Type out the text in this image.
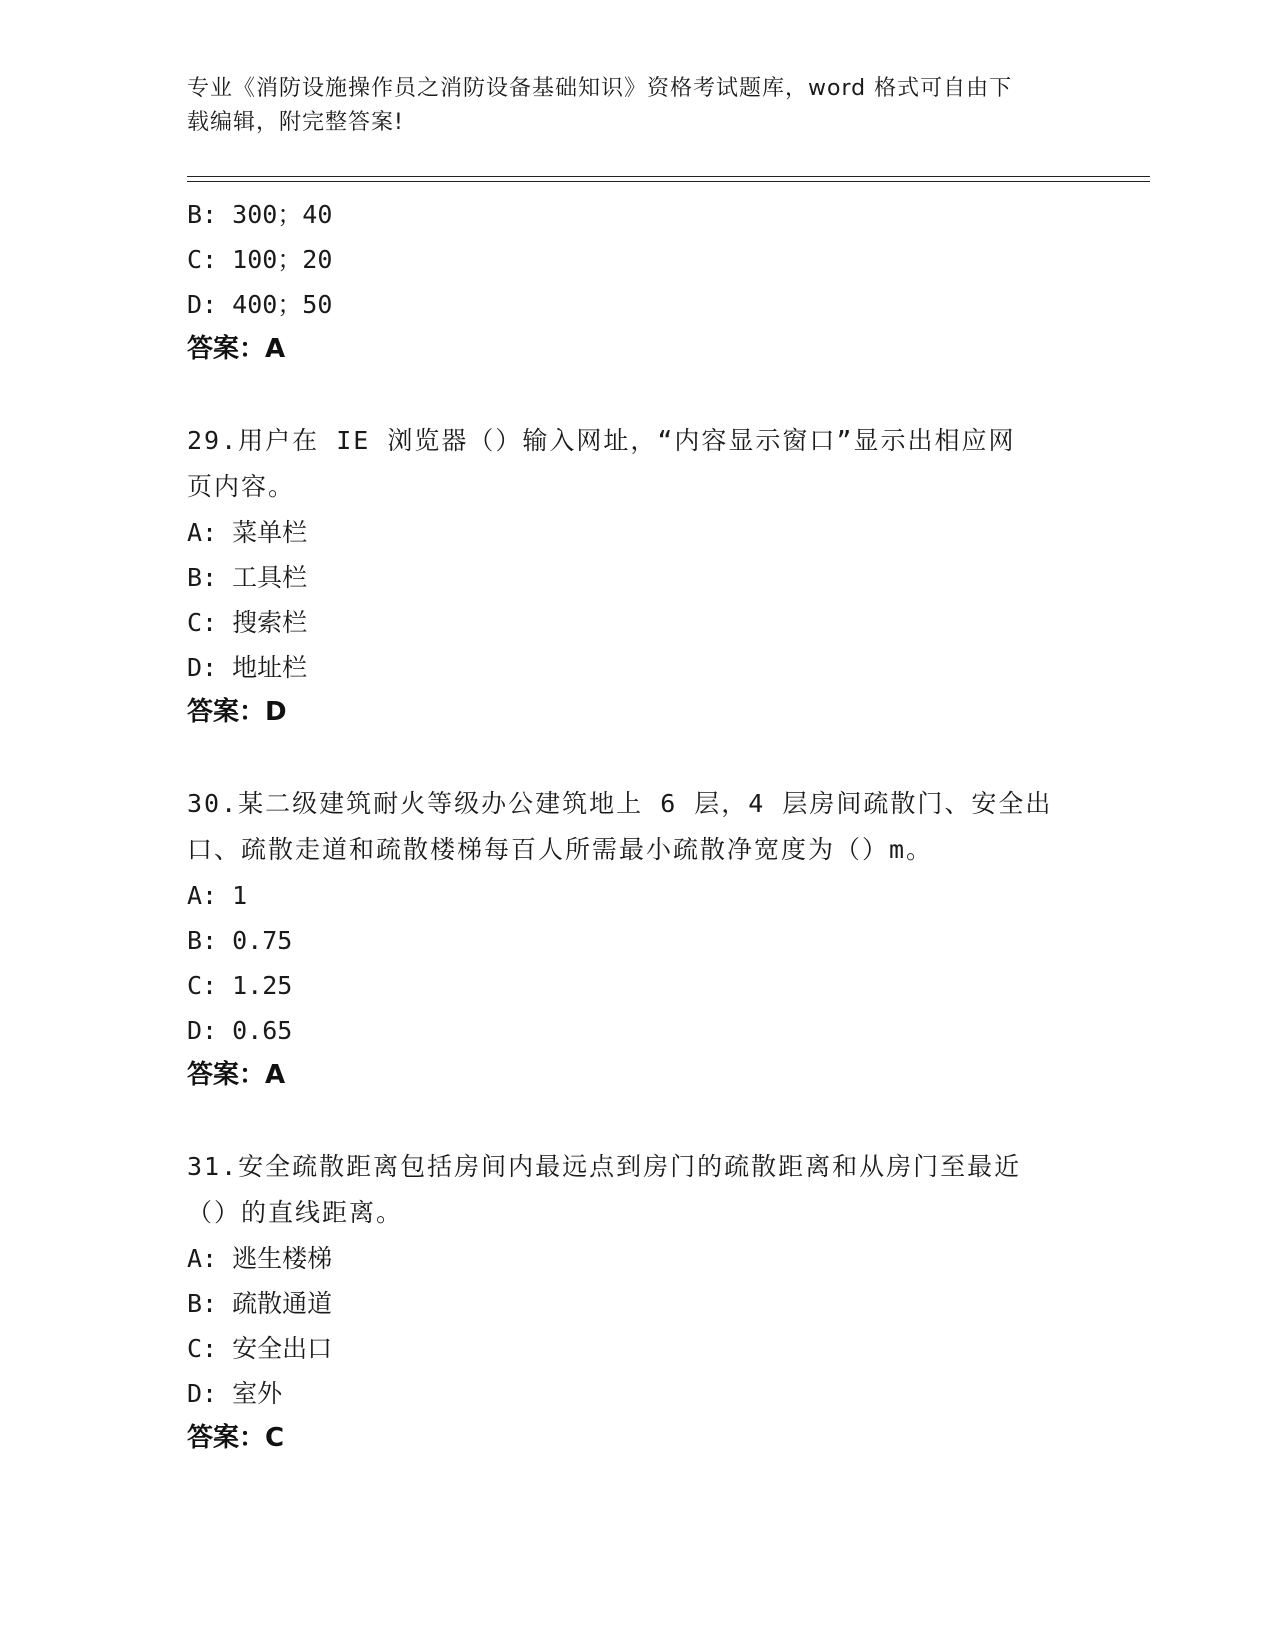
专业《消防设施操作员之消防设备基础知识》资格考试题库，word 格式可自由下
载编辑，附完整答案!
B: 300；40
C: 100；20
D: 400；50
答案：A
29.用户在 IE 浏览器（）输入网址，“内容显示窗口”显示出相应网
页内容。
A: 菜单栏
B: 工具栏
C: 搜索栏
D: 地址栏
答案：D
30.某二级建筑耐火等级办公建筑地上 6 层，4 层房间疏散门、安全出
口、疏散走道和疏散楼梯每百人所需最小疏散净宽度为（）m。
A: 1
B: 0.75
C: 1.25
D: 0.65
答案：A
31.安全疏散距离包括房间内最远点到房门的疏散距离和从房门至最近
（）的直线距离。
A: 逃生楼梯
B: 疏散通道
C: 安全出口
D: 室外
答案：C
